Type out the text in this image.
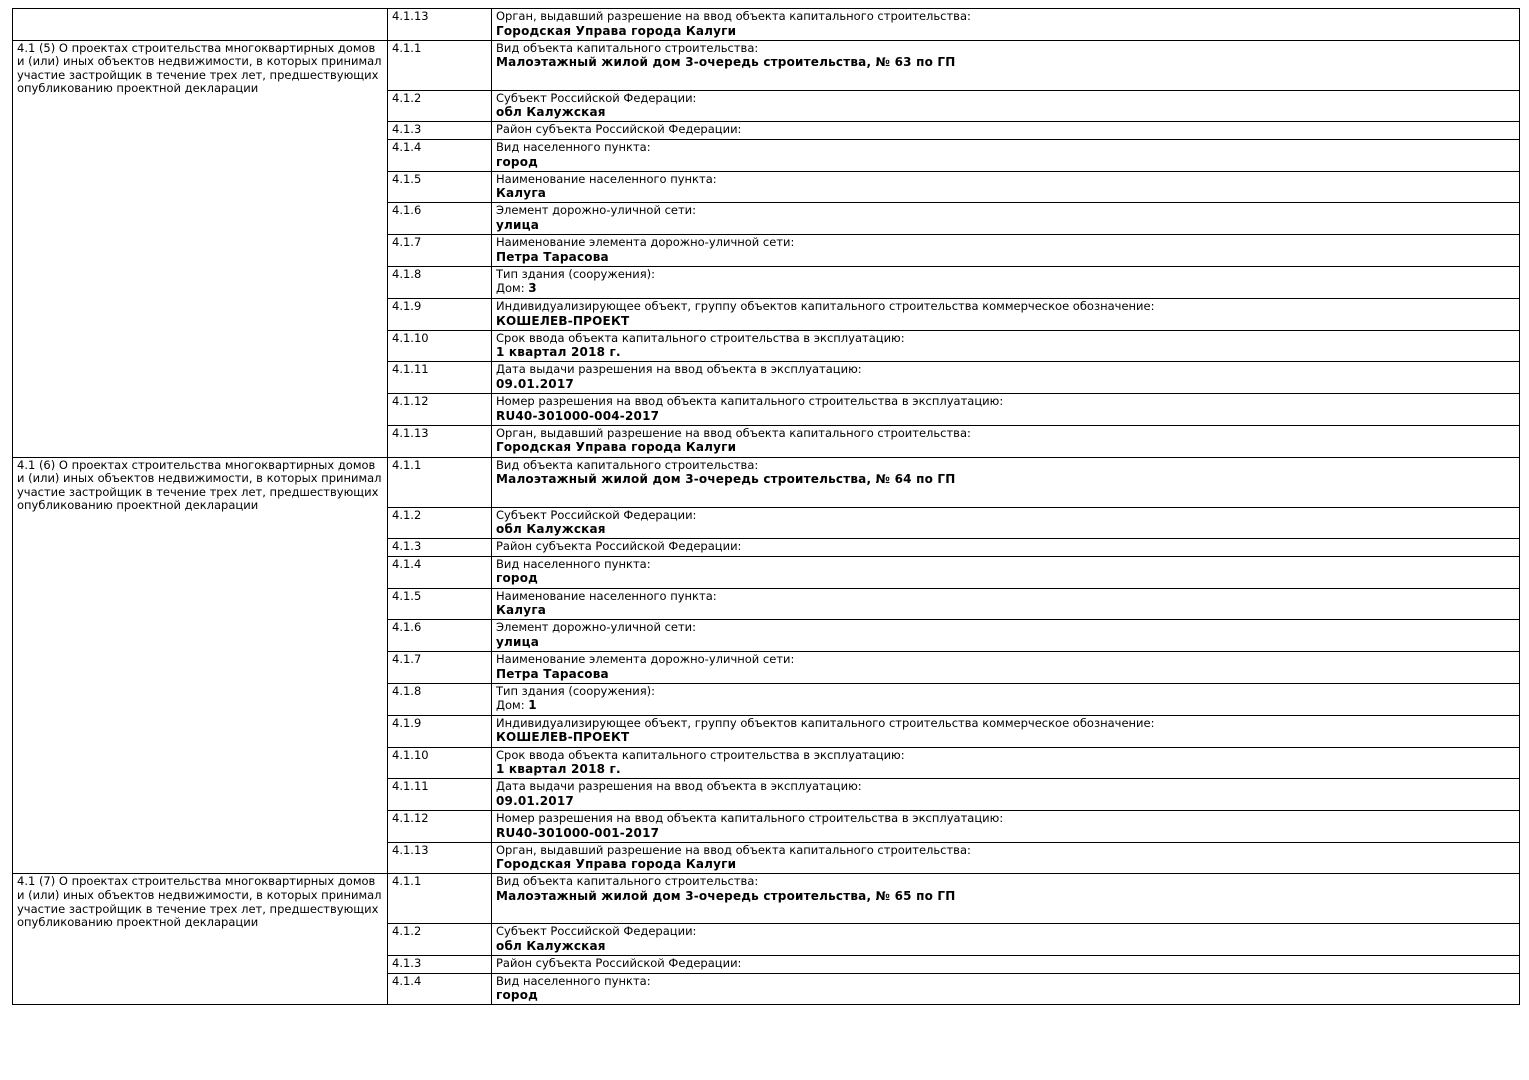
	4.1.13	Орган, выдавший разрешение на ввод объекта капитального строительства:
Городская Управа города Калуги

4.1 (5) О проектах строительства многоквартирных домов и (или) иных объектов недвижимости, в которых принимал участие застройщик в течение трех лет, предшествующих опубликованию проектной декларации	4.1.1	Вид объекта капитального строительства:
Малоэтажный жилой дом 3-очередь строительства, № 63 по ГП

	4.1.2	Субъект Российской Федерации:
обл Калужская

	4.1.3	Район субъекта Российской Федерации:

	4.1.4	Вид населенного пункта:
город

	4.1.5	Наименование населенного пункта:
Калуга

	4.1.6	Элемент дорожно-уличной сети:
улица

	4.1.7	Наименование элемента дорожно-уличной сети:
Петра Тарасова

	4.1.8	Тип здания (сооружения):
Дом: 3

	4.1.9	Индивидуализирующее объект, группу объектов капитального строительства коммерческое обозначение:
КОШЕЛЕВ-ПРОЕКТ

	4.1.10	Срок ввода объекта капитального строительства в эксплуатацию:
1 квартал 2018 г.

	4.1.11	Дата выдачи разрешения на ввод объекта в эксплуатацию:
09.01.2017

	4.1.12	Номер разрешения на ввод объекта капитального строительства в эксплуатацию:
RU40-301000-004-2017

	4.1.13	Орган, выдавший разрешение на ввод объекта капитального строительства:
Городская Управа города Калуги

4.1 (6) О проектах строительства многоквартирных домов и (или) иных объектов недвижимости, в которых принимал участие застройщик в течение трех лет, предшествующих опубликованию проектной декларации	4.1.1	Вид объекта капитального строительства:
Малоэтажный жилой дом 3-очередь строительства, № 64 по ГП

	4.1.2	Субъект Российской Федерации:
обл Калужская

	4.1.3	Район субъекта Российской Федерации:

	4.1.4	Вид населенного пункта:
город

	4.1.5	Наименование населенного пункта:
Калуга

	4.1.6	Элемент дорожно-уличной сети:
улица

	4.1.7	Наименование элемента дорожно-уличной сети:
Петра Тарасова

	4.1.8	Тип здания (сооружения):
Дом: 1

	4.1.9	Индивидуализирующее объект, группу объектов капитального строительства коммерческое обозначение:
КОШЕЛЕВ-ПРОЕКТ

	4.1.10	Срок ввода объекта капитального строительства в эксплуатацию:
1 квартал 2018 г.

	4.1.11	Дата выдачи разрешения на ввод объекта в эксплуатацию:
09.01.2017

	4.1.12	Номер разрешения на ввод объекта капитального строительства в эксплуатацию:
RU40-301000-001-2017

	4.1.13	Орган, выдавший разрешение на ввод объекта капитального строительства:
Городская Управа города Калуги

4.1 (7) О проектах строительства многоквартирных домов и (или) иных объектов недвижимости, в которых принимал участие застройщик в течение трех лет, предшествующих опубликованию проектной декларации	4.1.1	Вид объекта капитального строительства:
Малоэтажный жилой дом 3-очередь строительства, № 65 по ГП

	4.1.2	Субъект Российской Федерации:
обл Калужская

	4.1.3	Район субъекта Российской Федерации:

	4.1.4	Вид населенного пункта:
город
